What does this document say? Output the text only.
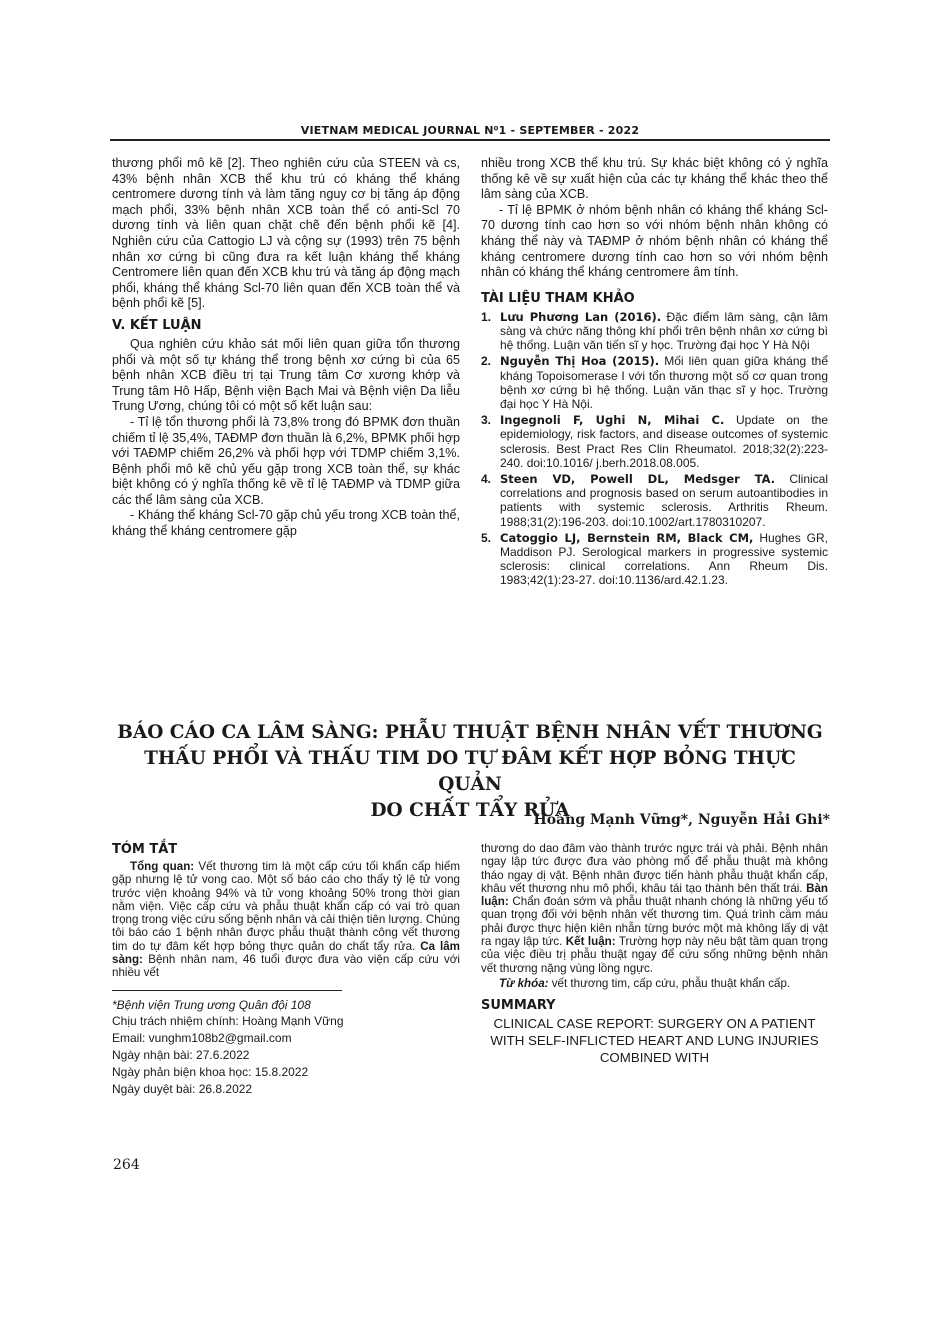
VIETNAM MEDICAL JOURNAL N⁰1 - SEPTEMBER - 2022

thương phổi mô kẽ [2]. Theo nghiên cứu của STEEN và cs, 43% bệnh nhân XCB thể khu trú có kháng thể kháng centromere dương tính và làm tăng nguy cơ bị tăng áp động mạch phổi, 33% bệnh nhân XCB toàn thể có anti-Scl 70 dương tính và liên quan chặt chẽ đến bệnh phổi kẽ [4]. Nghiên cứu của Cattogio LJ và cộng sự (1993) trên 75 bệnh nhân xơ cứng bì cũng đưa ra kết luận kháng thể kháng Centromere liên quan đến XCB khu trú và tăng áp động mạch phổi, kháng thể kháng Scl-70 liên quan đến XCB toàn thể và bệnh phổi kẽ [5].

V. KẾT LUẬN

Qua nghiên cứu khảo sát mối liên quan giữa tổn thương phổi và một số tự kháng thể trong bệnh xơ cứng bì của 65 bệnh nhân XCB điều trị tại Trung tâm Cơ xương khớp và Trung tâm Hô Hấp, Bệnh viện Bạch Mai và Bệnh viện Da liễu Trung Ương, chúng tôi có một số kết luận sau:

- Tỉ lệ tổn thương phổi là 73,8% trong đó BPMK đơn thuần chiếm tỉ lệ 35,4%, TAĐMP đơn thuần là 6,2%, BPMK phối hợp với TAĐMP chiếm 26,2% và phối hợp với TDMP chiếm 3,1%. Bệnh phổi mô kẽ chủ yếu gặp trong XCB toàn thể, sự khác biệt không có ý nghĩa thống kê về tỉ lệ TAĐMP và TDMP giữa các thể lâm sàng của XCB.

- Kháng thể kháng Scl-70 gặp chủ yếu trong XCB toàn thể, kháng thể kháng centromere gặp

nhiều trong XCB thể khu trú. Sự khác biệt không có ý nghĩa thống kê về sự xuất hiện của các tự kháng thể khác theo thể lâm sàng của XCB.

- Tỉ lệ BPMK ở nhóm bệnh nhân có kháng thể kháng Scl-70 dương tính cao hơn so với nhóm bệnh nhân không có kháng thể này và TAĐMP ở nhóm bệnh nhân có kháng thể kháng centromere dương tính cao hơn so với nhóm bệnh nhân có kháng thể kháng centromere âm tính.

TÀI LIỆU THAM KHẢO
1. Lưu Phương Lan (2016). Đặc điểm lâm sàng, cận lâm sàng và chức năng thông khí phổi trên bệnh nhân xơ cứng bì hệ thống. Luận văn tiến sĩ y học. Trường đại học Y Hà Nội
2. Nguyễn Thị Hoa (2015). Mối liên quan giữa kháng thể kháng Topoisomerase I với tổn thương một số cơ quan trong bệnh xơ cứng bì hệ thống. Luận văn thạc sĩ y học. Trường đại học Y Hà Nội.
3. Ingegnoli F, Ughi N, Mihai C. Update on the epidemiology, risk factors, and disease outcomes of systemic sclerosis. Best Pract Res Clin Rheumatol. 2018;32(2):223-240. doi:10.1016/ j.berh.2018.08.005.
4. Steen VD, Powell DL, Medsger TA. Clinical correlations and prognosis based on serum autoantibodies in patients with systemic sclerosis. Arthritis Rheum. 1988;31(2):196-203. doi:10.1002/art.1780310207.
5. Catoggio LJ, Bernstein RM, Black CM, Hughes GR, Maddison PJ. Serological markers in progressive systemic sclerosis: clinical correlations. Ann Rheum Dis. 1983;42(1):23-27. doi:10.1136/ard.42.1.23.
BÁO CÁO CA LÂM SÀNG: PHẪU THUẬT BỆNH NHÂN VẾT THƯƠNG
THẤU PHỔI VÀ THẤU TIM DO TỰ ĐÂM KẾT HỢP BỎNG THỰC QUẢN
DO CHẤT TẨY RỬA
Hoàng Mạnh Vững*, Nguyễn Hải Ghi*
TÓM TẮT

Tổng quan: Vết thương tim là một cấp cứu tối khẩn cấp hiếm gặp nhưng lệ tử vong cao. Một số báo cáo cho thấy tỷ lệ tử vong trước viện khoảng 94% và tử vong khoảng 50% trong thời gian nằm viện. Việc cấp cứu và phẫu thuật khẩn cấp có vai trò quan trọng trong việc cứu sống bệnh nhân và cải thiện tiên lượng. Chúng tôi báo cáo 1 bệnh nhân được phẫu thuật thành công vết thương tim do tự đâm kết hợp bỏng thực quản do chất tẩy rửa. Ca lâm sàng: Bệnh nhân nam, 46 tuổi được đưa vào viện cấp cứu với nhiều vết

*Bệnh viện Trung ương Quân đội 108
Chịu trách nhiệm chính: Hoàng Mạnh Vững
Email: vunghm108b2@gmail.com
Ngày nhận bài: 27.6.2022
Ngày phản biện khoa học: 15.8.2022
Ngày duyệt bài: 26.8.2022

thương do dao đâm vào thành trước ngực trái và phải. Bệnh nhân ngay lập tức được đưa vào phòng mổ để phẫu thuật mà không tháo ngay dị vật. Bệnh nhân được tiến hành phẫu thuật khẩn cấp, khâu vết thương nhu mô phổi, khâu tái tạo thành bên thất trái. Bàn luận: Chẩn đoán sớm và phẫu thuật nhanh chóng là những yếu tố quan trọng đối với bệnh nhân vết thương tim. Quá trình cầm máu phải được thực hiện kiên nhẫn từng bước một mà không lấy dị vật ra ngay lập tức. Kết luận: Trường hợp này nêu bật tầm quan trọng của việc điều trị phẫu thuật ngay để cứu sống những bệnh nhân vết thương nặng vùng lồng ngực.

Từ khóa: vết thương tim, cấp cứu, phẫu thuật khẩn cấp.

SUMMARY
CLINICAL CASE REPORT: SURGERY ON A PATIENT WITH SELF-INFLICTED HEART AND LUNG INJURIES COMBINED WITH
264
